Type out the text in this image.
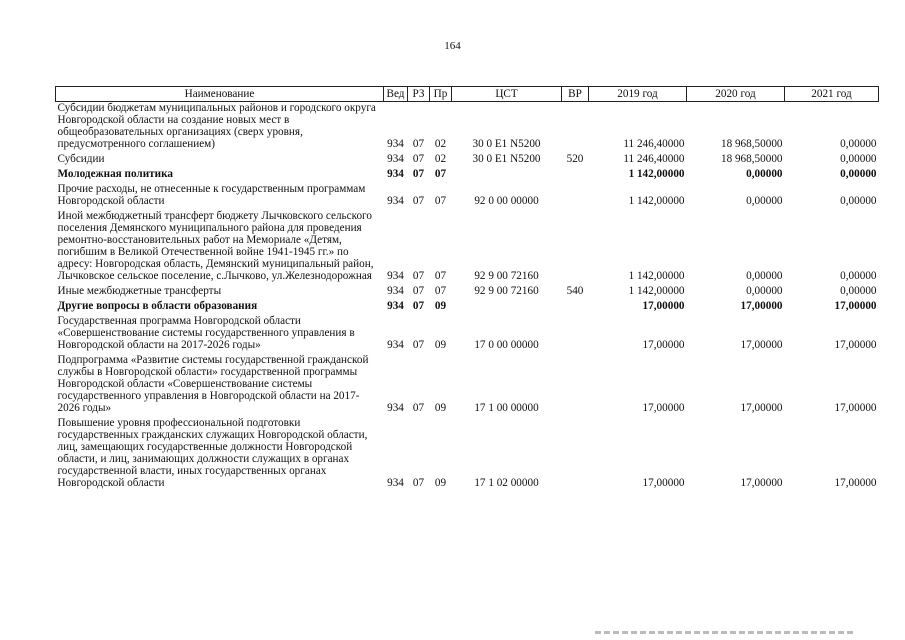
164
Наименование	Вед	РЗ	Пр	ЦСТ	ВР	2019 год	2020 год	2021 год
Субсидии бюджетам муниципальных районов и городского округа Новгородской области на создание новых мест в общеобразовательных организациях (сверх уровня, предусмотренного соглашением)	934	07	02	30 0 Е1 N5200		11 246,40000	18 968,50000	0,00000
Субсидии	934	07	02	30 0 Е1 N5200	520	11 246,40000	18 968,50000	0,00000
Молодежная политика	934	07	07			1 142,00000	0,00000	0,00000
Прочие расходы, не отнесенные к государственным программам Новгородской области	934	07	07	92 0 00 00000		1 142,00000	0,00000	0,00000
Иной межбюджетный трансферт бюджету Лычковского сельского поселения Демянского муниципального района для проведения ремонтно-восстановительных работ на Мемориале «Детям, погибшим в Великой Отечественной войне 1941-1945 гг.» по адресу: Новгородская область, Демянский муниципальный район, Лычковское сельское поселение, с.Лычково, ул.Железнодорожная	934	07	07	92 9 00 72160		1 142,00000	0,00000	0,00000
Иные межбюджетные трансферты	934	07	07	92 9 00 72160	540	1 142,00000	0,00000	0,00000
Другие вопросы в области образования	934	07	09			17,00000	17,00000	17,00000
Государственная программа Новгородской области «Совершенствование системы государственного управления в Новгородской области на 2017-2026 годы»	934	07	09	17 0 00 00000		17,00000	17,00000	17,00000
Подпрограмма «Развитие системы государственной гражданской службы в Новгородской области» государственной программы Новгородской области «Совершенствование системы государственного управления в Новгородской области на 2017-2026 годы»	934	07	09	17 1 00 00000		17,00000	17,00000	17,00000
Повышение уровня профессиональной подготовки государственных гражданских служащих Новгородской области, лиц, замещающих государственные должности Новгородской области, и лиц, занимающих должности служащих в органах государственной власти, иных государственных органах Новгородской области	934	07	09	17 1 02 00000		17,00000	17,00000	17,00000
